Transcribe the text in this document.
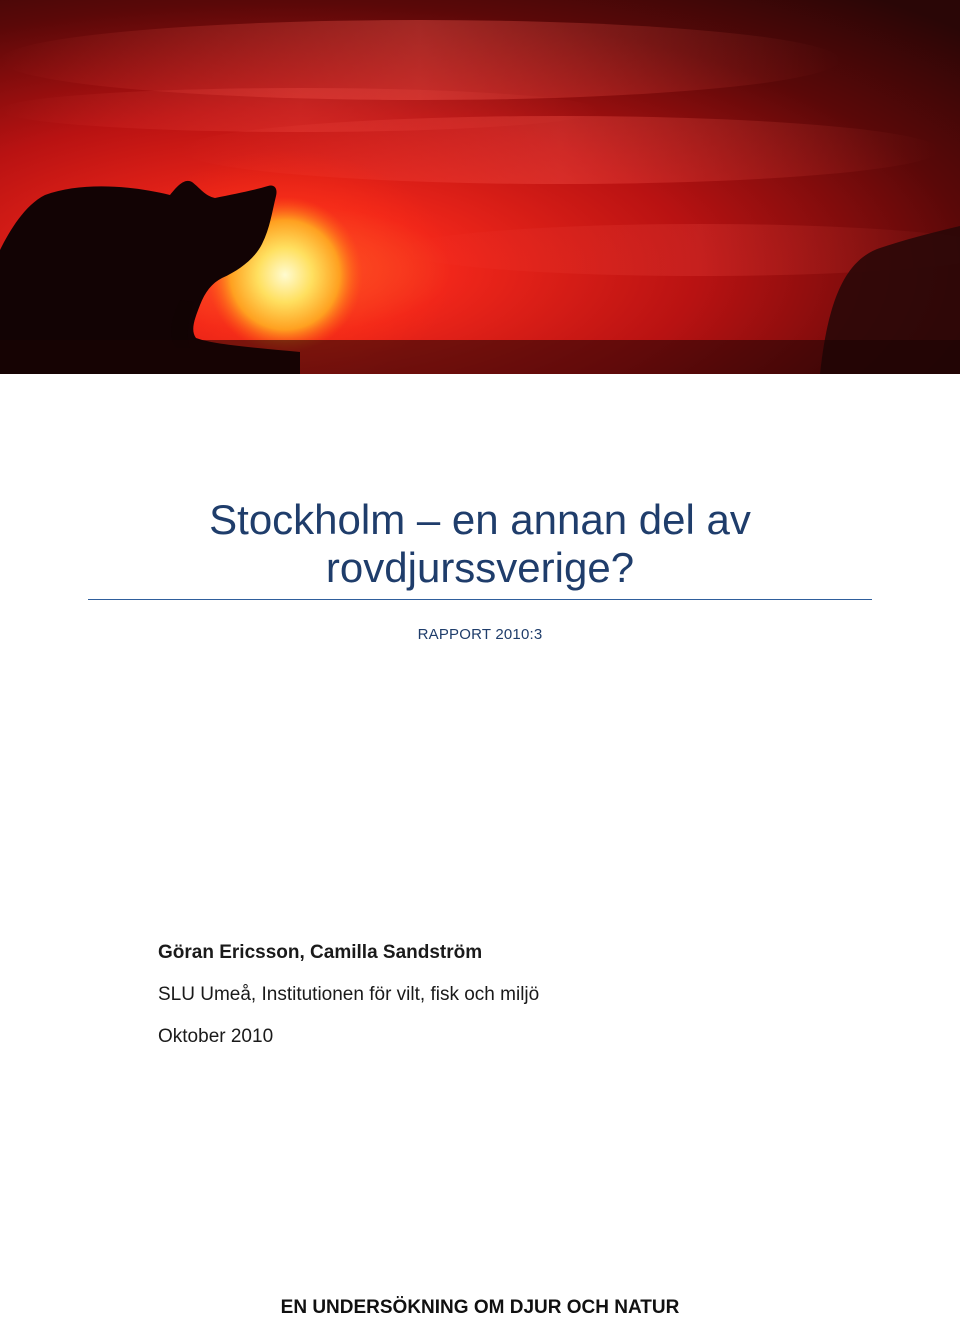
Stockholm – en annan del av
rovdjurssverige?
RAPPORT 2010:3
Göran Ericsson, Camilla Sandström
SLU Umeå, Institutionen för vilt, fisk och miljö
Oktober 2010
EN UNDERSÖKNING OM DJUR OCH NATUR
